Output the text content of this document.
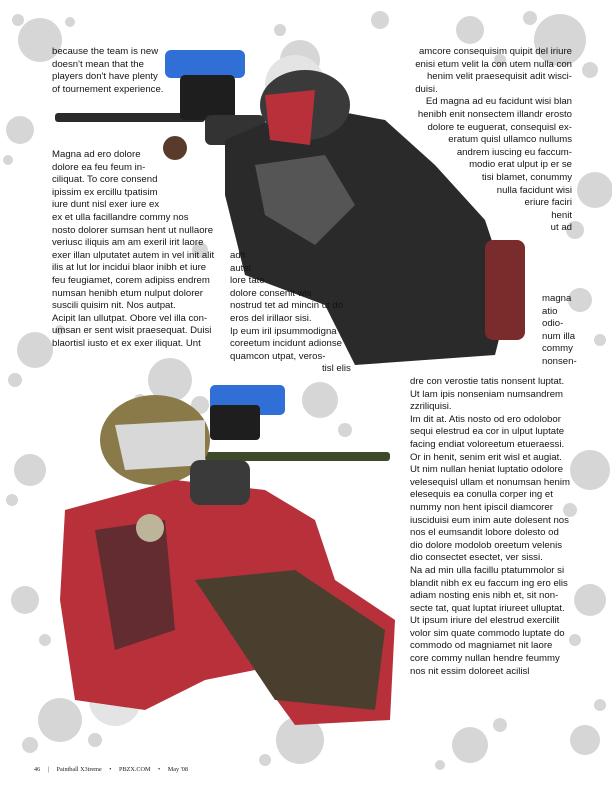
because the team is new
doesn't mean that the
players don't have plenty
of tournement experience.
Magna ad ero dolore
dolore ea feu feum in-
ciliquat. To core consend
ipissim ex ercillu tpatisim
iure dunt nisl exer iure ex
ex et ulla facillandre commy nos
nosto dolorer sumsan hent ut nullaore
veriusc iliquis am am exeril irit laore
exer illan ulputatet autem in vel init alit
ilis at lut lor incidui blaor inibh et iure
feu feugiamet, corem adipiss endrem
numsan henibh etum nulput dolorer
suscili quisim nit. Nos autpat.
Acipit lan ullutpat. Obore vel illa con-
umsan er sent wisit praesequat. Duisi
blaortisl iusto et ex exer iliquat. Unt
adit
autet
lore tate
dolore consenit wis
nostrud tet ad mincin ut do
eros del irillaor sisi.
Ip eum iril ipsummodigna
coreetum incidunt adionse
quamcon utpat, veros-
tisl elis
amcore consequisim quipit del iriure
enisi etum velit la con utem nulla con
henim velit praesequisit adit wisci-
duisi.
Ed magna ad eu facidunt wisi blan
henibh enit nonsectem illandr erosto
dolore te euguerat, consequisl ex-
eratum quisl ullamco nullums
andrem iuscing eu faccum-
modio erat ulput ip er se
tisi blamet, conummy
nulla facidunt wisi
eriure faciri
henit
ut ad
magna
atio
odio-
num illa
commy
nonsen-
dre con verostie tatis nonsent luptat.
Ut lam ipis nonseniam numsandrem
zzriliquisi.
Im dit at. Atis nosto od ero odolobor
sequi elestrud ea cor in ulput luptate
facing endiat voloreetum etueraessi.
Or in henit, senim erit wisl et augiat.
Ut nim nullan heniat luptatio odolore
velesequisl ullam et nonumsan henim
elesequis ea conulla corper ing et
nummy non hent ipiscil diamcorer
iusciduisi eum inim aute dolesent nos
nos el eumsandit lobore dolesto od
dio dolore modolob oreetum velenis
dio consectet esectet, ver sissi.
Na ad min ulla facillu ptatummolor si
blandit nibh ex eu faccum ing ero elis
adiam nosting enis nibh et, sit non-
secte tat, quat luptat iriureet ulluptat.
Ut ipsum iriure del elestrud exercilit
volor sim quate commodo luptate do
commodo od magniamet nit laore
core commy nullan hendre feummy
nos nit essim doloreet acilisl
46 | Paintball X3treme • PBZX.COM • May '08
